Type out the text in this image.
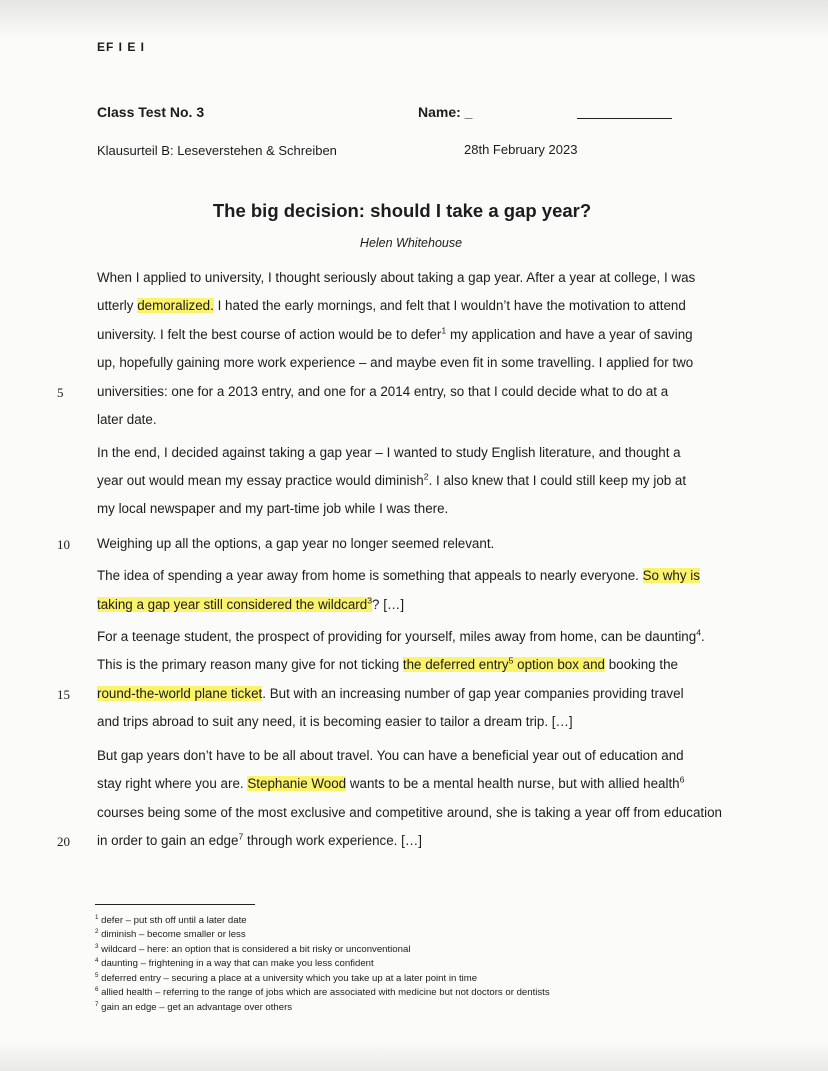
EF I E I
Class Test No. 3	Name: _
Klausurteil B: Leseverstehen & Schreiben	28th February 2023
The big decision: should I take a gap year?
Helen Whitehouse
When I applied to university, I thought seriously about taking a gap year. After a year at college, I was
utterly demoralized. I hated the early mornings, and felt that I wouldn’t have the motivation to attend
university. I felt the best course of action would be to defer$^1$ my application and have a year of saving
up, hopefully gaining more work experience – and maybe even fit in some travelling. I applied for two
universities: one for a 2013 entry, and one for a 2014 entry, so that I could decide what to do at a
later date.
In the end, I decided against taking a gap year – I wanted to study English literature, and thought a
year out would mean my essay practice would diminish$^2$. I also knew that I could still keep my job at
my local newspaper and my part-time job while I was there.
Weighing up all the options, a gap year no longer seemed relevant.
The idea of spending a year away from home is something that appeals to nearly everyone. So why is
taking a gap year still considered the wildcard$^3$? […]
For a teenage student, the prospect of providing for yourself, miles away from home, can be daunting$^4$.
This is the primary reason many give for not ticking the deferred entry$^5$ option box and booking the
round-the-world plane ticket. But with an increasing number of gap year companies providing travel
and trips abroad to suit any need, it is becoming easier to tailor a dream trip. […]
But gap years don’t have to be all about travel. You can have a beneficial year out of education and
stay right where you are. Stephanie Wood wants to be a mental health nurse, but with allied health$^6$
courses being some of the most exclusive and competitive around, she is taking a year off from education
in order to gain an edge$^7$ through work experience. […]
5
10
15
20
$^1$ defer – put sth off until a later date
$^2$ diminish – become smaller or less
$^3$ wildcard – here: an option that is considered a bit risky or unconventional
$^4$ daunting – frightening in a way that can make you less confident
$^5$ deferred entry – securing a place at a university which you take up at a later point in time
$^6$ allied health – referring to the range of jobs which are associated with medicine but not doctors or dentists
$^7$ gain an edge – get an advantage over others
